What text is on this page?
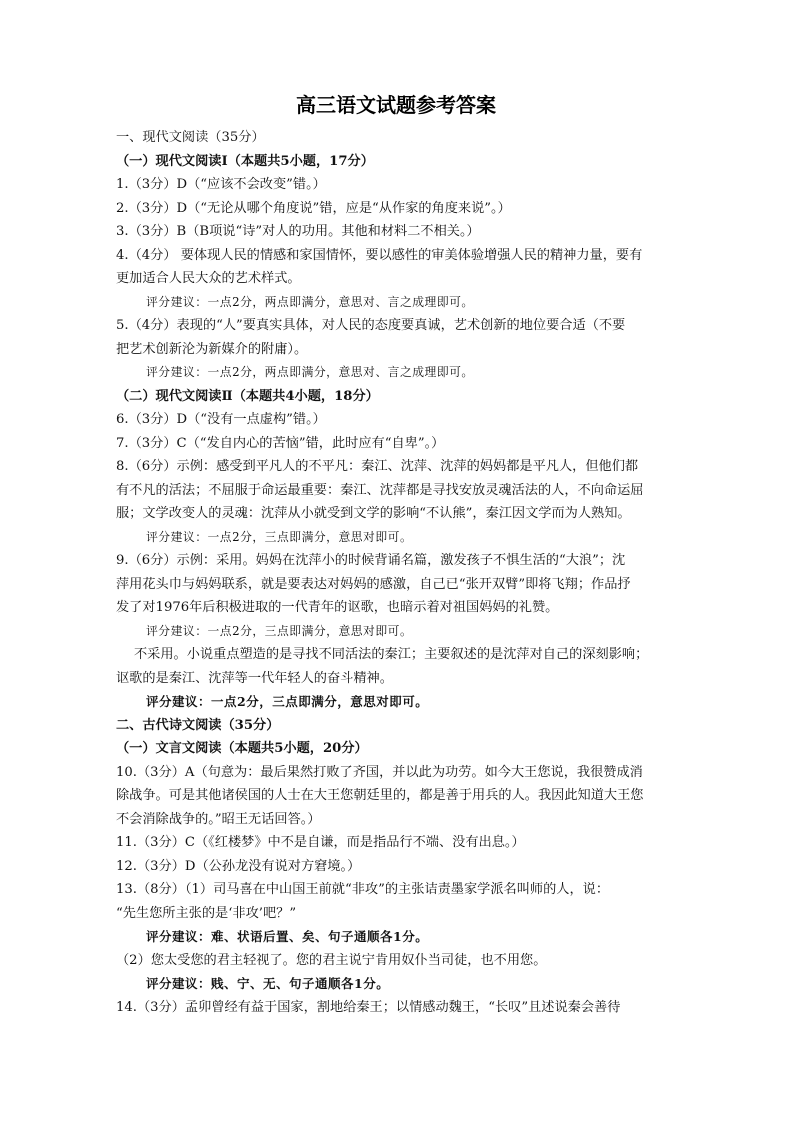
高三语文试题参考答案

一、现代文阅读（35分）

（一）现代文阅读Ⅰ（本题共5小题，17分）

1.（3分）D（“应该不会改变”错。）

2.（3分）D（“无论从哪个角度说”错，应是“从作家的角度来说”。）

3.（3分）B（B项说“诗”对人的功用。其他和材料二不相关。）

4.（4分） 要体现人民的情感和家国情怀，要以感性的审美体验增强人民的精神力量，要有

更加适合人民大众的艺术样式。

评分建议：一点2分，两点即满分，意思对、言之成理即可。

5.（4分）表现的“人”要真实具体，对人民的态度要真诚，艺术创新的地位要合适（不要

把艺术创新沦为新媒介的附庸）。

评分建议：一点2分，两点即满分，意思对、言之成理即可。

（二）现代文阅读Ⅱ（本题共4小题，18分）

6.（3分）D（“没有一点虚构”错。）

7.（3分）C（“发自内心的苦恼”错，此时应有“自卑”。）

8.（6分）示例：感受到平凡人的不平凡：秦江、沈萍、沈萍的妈妈都是平凡人，但他们都

有不凡的活法；不屈服于命运最重要：秦江、沈萍都是寻找安放灵魂活法的人，不向命运屈

服；文学改变人的灵魂：沈萍从小就受到文学的影响“不认熊”，秦江因文学而为人熟知。

评分建议：一点2分，三点即满分，意思对即可。

9.（6分）示例：采用。妈妈在沈萍小的时候背诵名篇，激发孩子不惧生活的“大浪”；沈

萍用花头巾与妈妈联系，就是要表达对妈妈的感激，自己已“张开双臂”即将飞翔；作品抒

发了对1976年后积极进取的一代青年的讴歌，也暗示着对祖国妈妈的礼赞。

评分建议：一点2分，三点即满分，意思对即可。

不采用。小说重点塑造的是寻找不同活法的秦江；主要叙述的是沈萍对自己的深刻影响；

讴歌的是秦江、沈萍等一代年轻人的奋斗精神。

评分建议：一点2分，三点即满分，意思对即可。

二、古代诗文阅读（35分）

（一）文言文阅读（本题共5小题，20分）

10.（3分）A（句意为：最后果然打败了齐国，并以此为功劳。如今大王您说，我很赞成消

除战争。可是其他诸侯国的人士在大王您朝廷里的，都是善于用兵的人。我因此知道大王您

不会消除战争的。”昭王无话回答。）

11.（3分）C（《红楼梦》中不是自谦，而是指品行不端、没有出息。）

12.（3分）D（公孙龙没有说对方窘境。）

13.（8分）（1）司马喜在中山国王前就“非攻”的主张诘责墨家学派名叫师的人，说：

“先生您所主张的是‘非攻’吧？”

评分建议：难、状语后置、矣、句子通顺各1分。

（2）您太受您的君主轻视了。您的君主说宁肯用奴仆当司徒，也不用您。

评分建议：贱、宁、无、句子通顺各1分。

14.（3分）孟卯曾经有益于国家，割地给秦王；以情感动魏王，“长叹”且述说秦会善待
